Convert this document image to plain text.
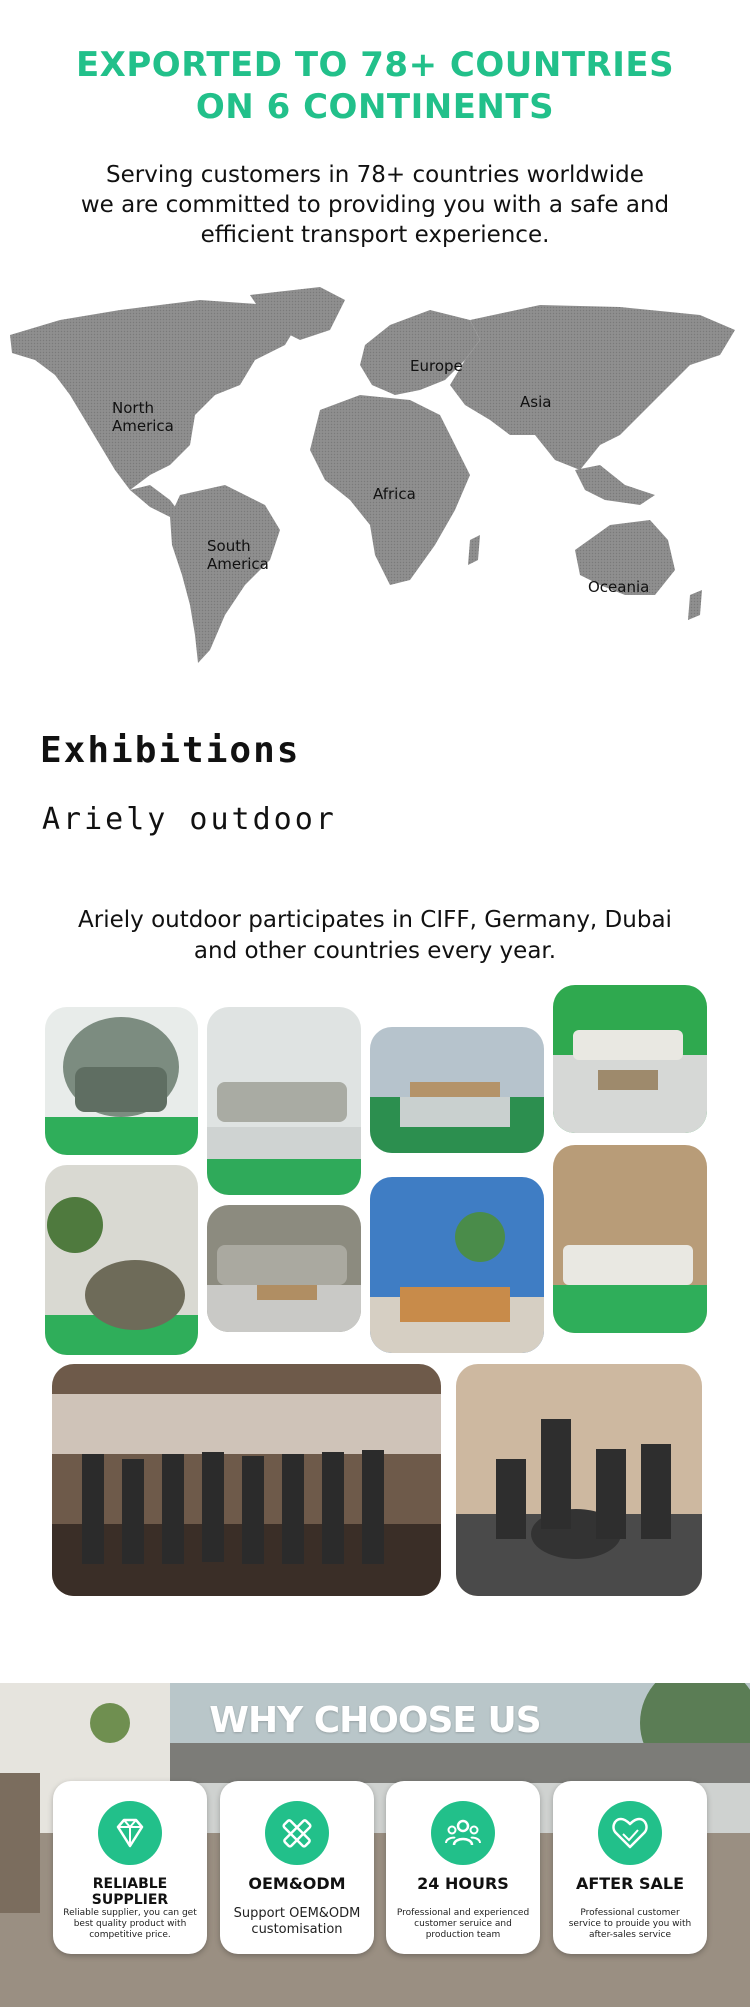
EXPORTED TO 78+ COUNTRIES
ON 6 CONTINENTS
Serving customers in 78+ countries worldwide
we are committed to providing you with a safe and
efficient transport experience.
North
America
Europe
Asia
Africa
South
America
Oceania
Exhibitions
Ariely outdoor
Ariely outdoor participates in CIFF, Germany, Dubai
and other countries every year.
WHY CHOOSE US
RELIABLE SUPPLIER
Reliable supplier, you can get best quality product with competitive price.
OEM&ODM
Support OEM&ODM customisation
24 HOURS
Professional and experienced customer seruice and production team
AFTER SALE
Professional customer service to prouide you with after-sales service
